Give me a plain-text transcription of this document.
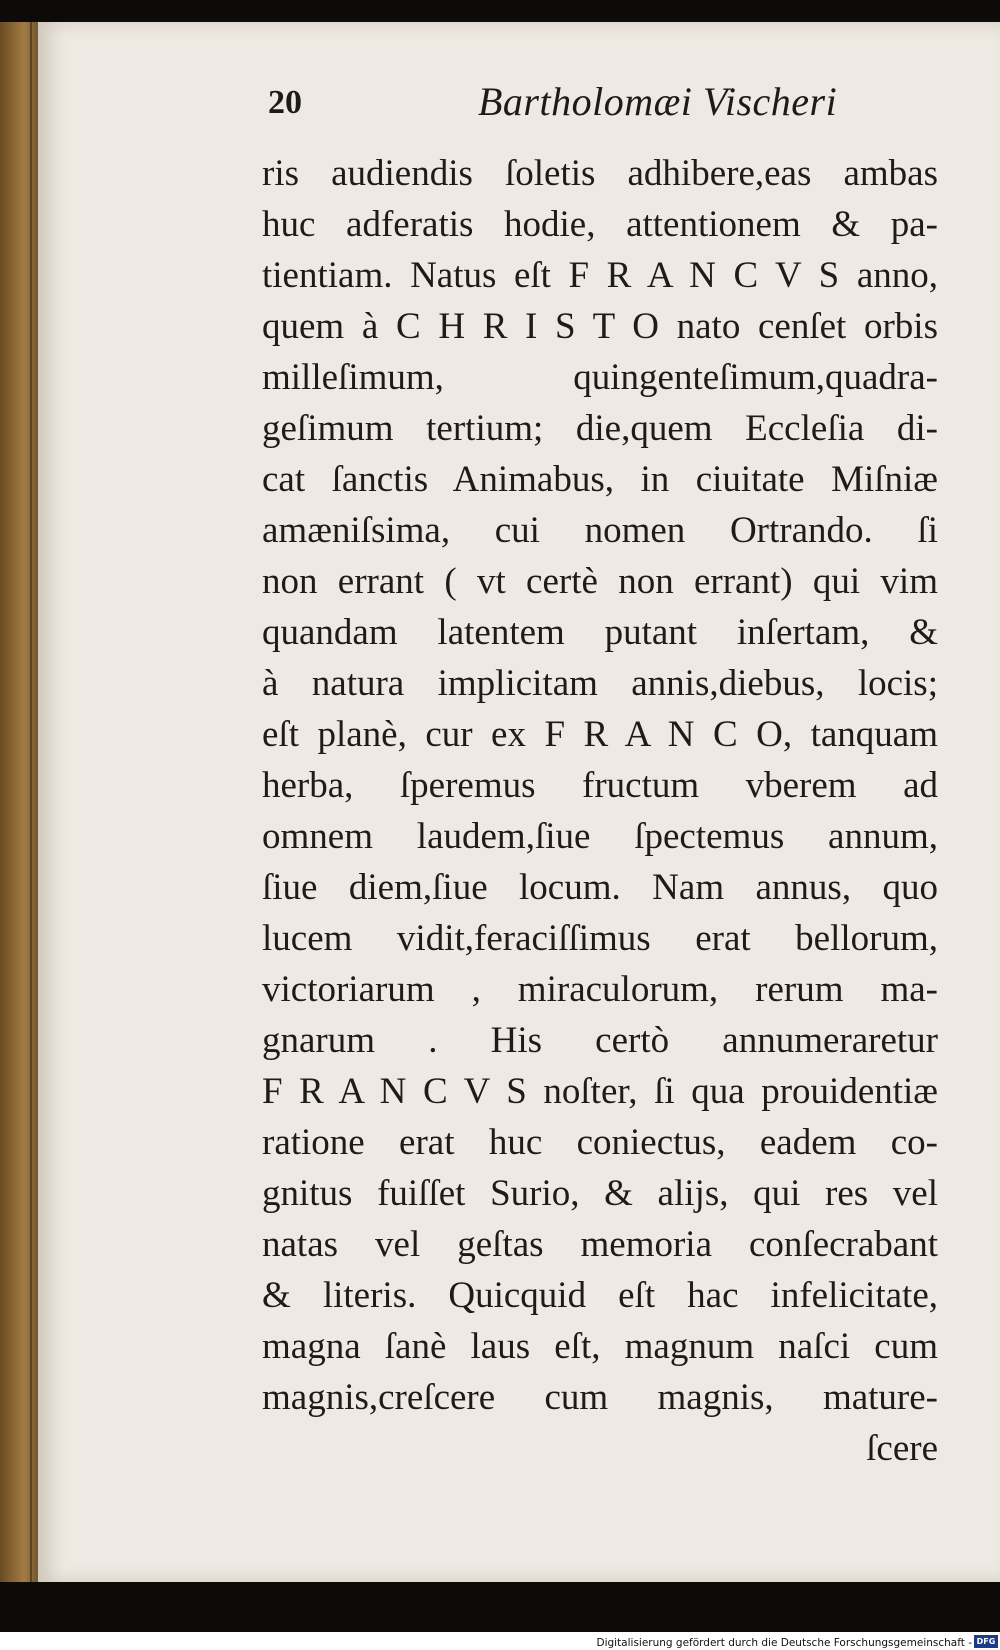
20	Bartholomæi Vischeri
ris audiendis ſoletis adhibere,eas ambas
huc adferatis hodie, attentionem & pa-
tientiam. Natus eſt F R A N C V S anno,
quem à C H R I S T O nato cenſet orbis
milleſimum, quingenteſimum,quadra-
geſimum tertium; die,quem Eccleſia di-
cat ſanctis Animabus, in ciuitate Miſniæ
amæniſsima, cui nomen Ortrando. ſi
non errant ( vt certè non errant) qui vim
quandam latentem putant inſertam, &
à natura implicitam annis,diebus, locis;
eſt planè, cur ex F R A N C O, tanquam
herba, ſperemus fructum vberem ad
omnem laudem,ſiue ſpectemus annum,
ſiue diem,ſiue locum. Nam annus, quo
lucem vidit,feraciſſimus erat bellorum,
victoriarum , miraculorum, rerum ma-
gnarum . His certò annumeraretur
F R A N C V S noſter, ſi qua prouidentiæ
ratione erat huc coniectus, eadem co-
gnitus fuiſſet Surio, & alijs, qui res vel
natas vel geſtas memoria conſecrabant
& literis. Quicquid eſt hac infelicitate,
magna ſanè laus eſt, magnum naſci cum
magnis,creſcere cum magnis, mature-
ſcere
Digitalisierung gefördert durch die Deutsche Forschungsgemeinschaft - DFG
